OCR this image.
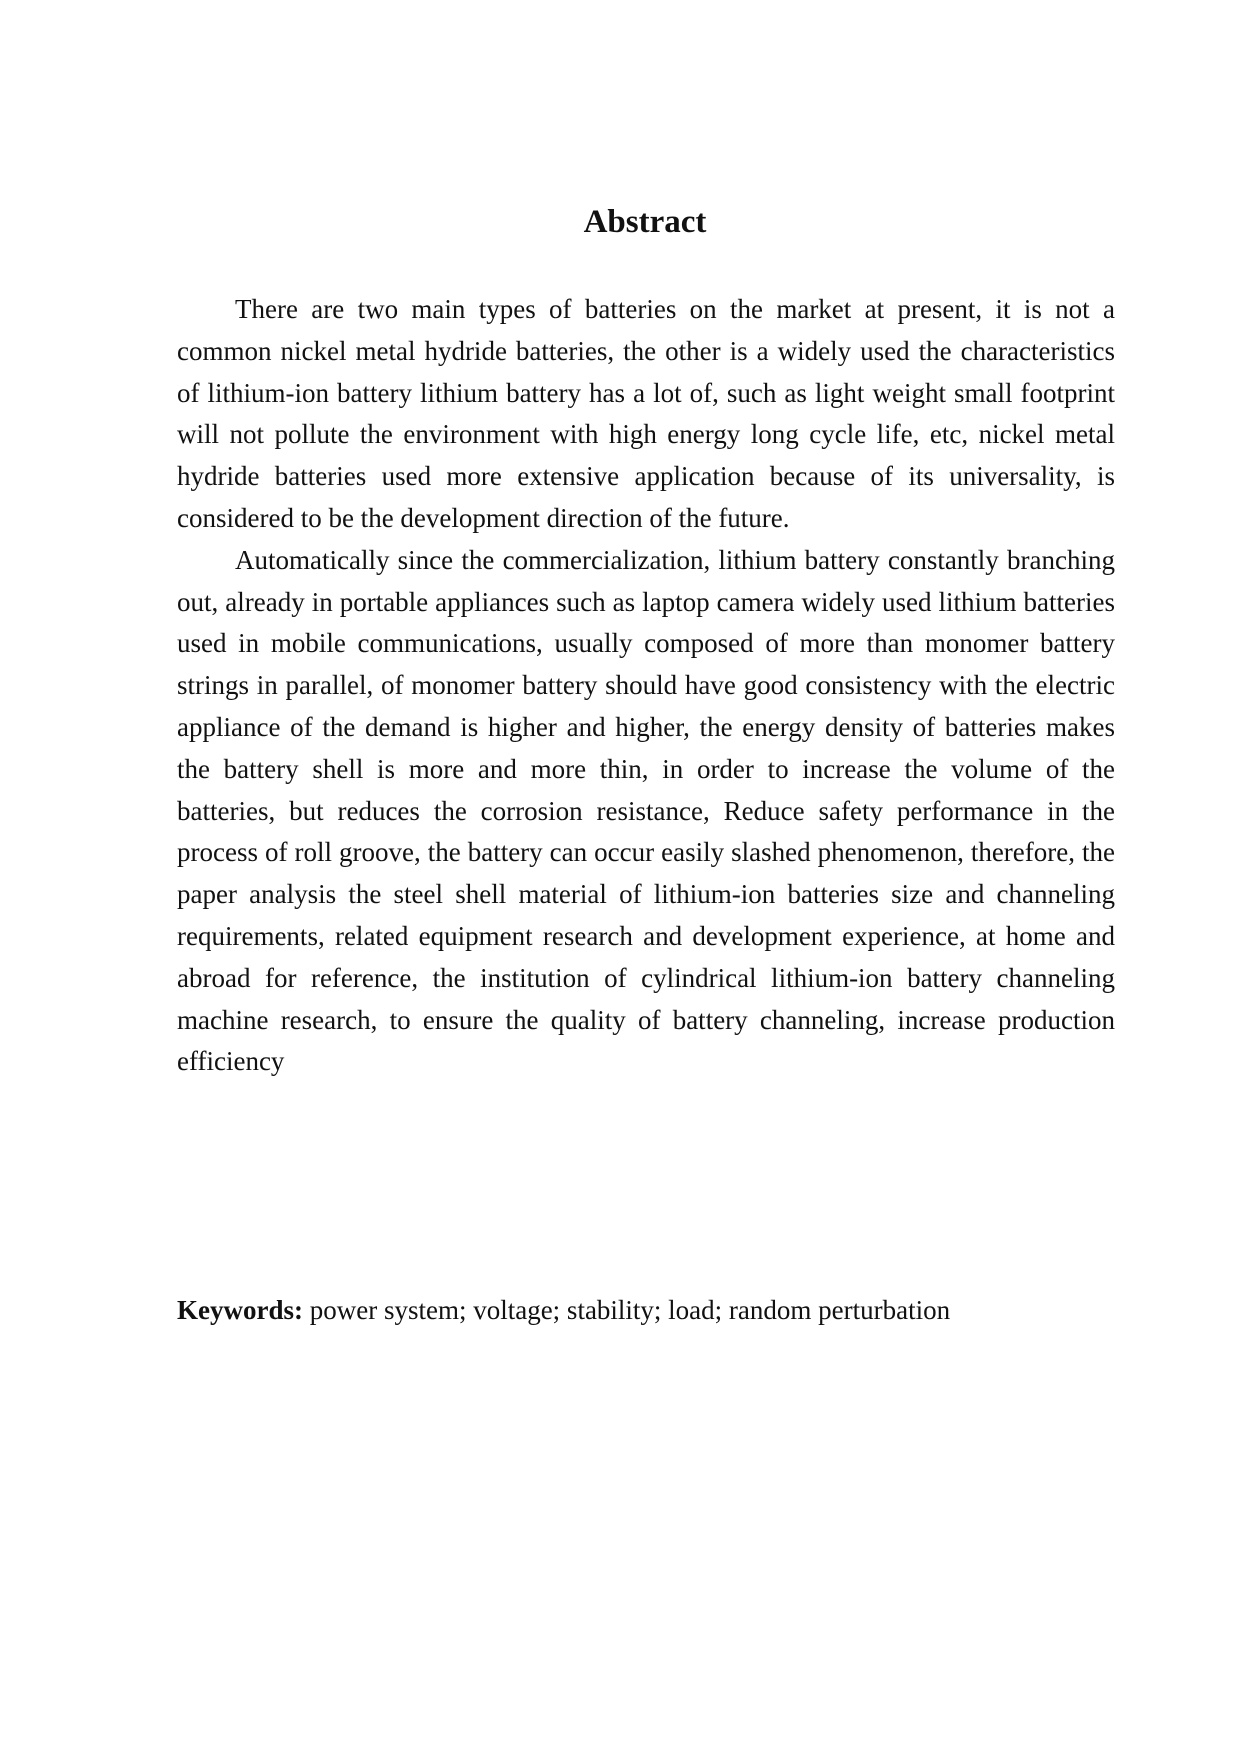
Abstract

There are two main types of batteries on the market at present, it is not a common nickel metal hydride batteries, the other is a widely used the characteristics of lithium-ion battery lithium battery has a lot of, such as light weight small footprint will not pollute the environment with high energy long cycle life, etc, nickel metal hydride batteries used more extensive application because of its universality, is considered to be the development direction of the future.

Automatically since the commercialization, lithium battery constantly branching out, already in portable appliances such as laptop camera widely used lithium batteries used in mobile communications, usually composed of more than monomer battery strings in parallel, of monomer battery should have good consistency with the electric appliance of the demand is higher and higher, the energy density of batteries makes the battery shell is more and more thin, in order to increase the volume of the batteries, but reduces the corrosion resistance, Reduce safety performance in the process of roll groove, the battery can occur easily slashed phenomenon, therefore, the paper analysis the steel shell material of lithium-ion batteries size and channeling requirements, related equipment research and development experience, at home and abroad for reference, the institution of cylindrical lithium-ion battery channeling machine research, to ensure the quality of battery channeling, increase production efficiency

Keywords: power system; voltage; stability; load; random perturbation
